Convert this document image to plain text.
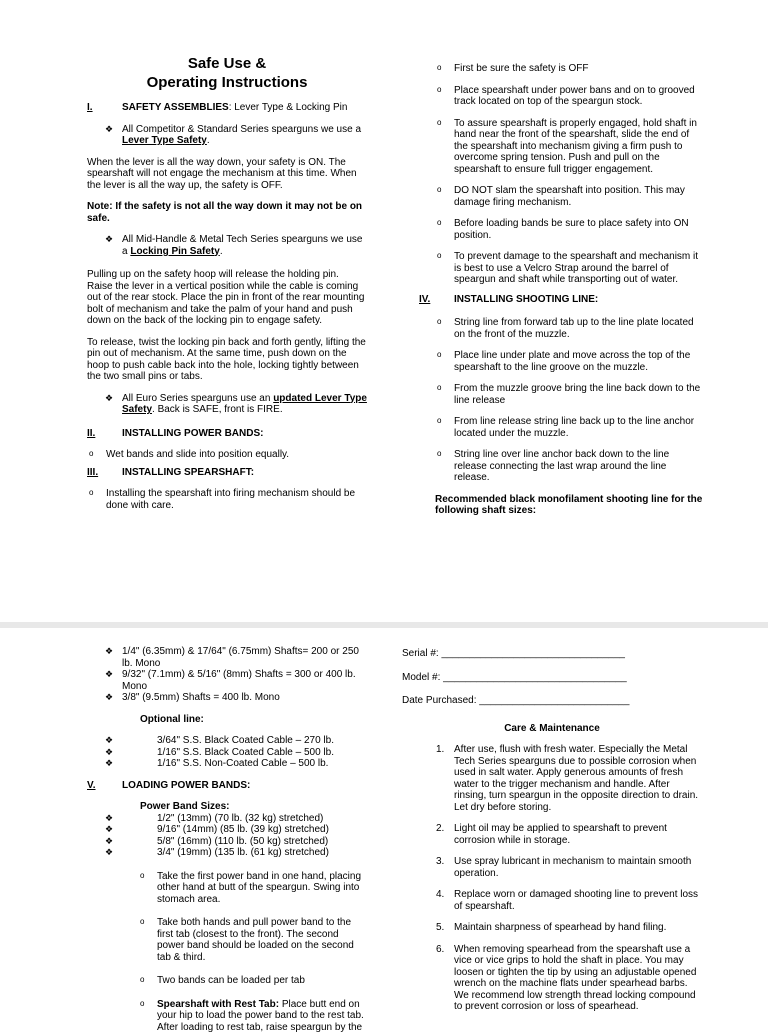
Safe Use &
Operating Instructions
I.	SAFETY ASSEMBLIES: Lever Type & Locking Pin
❖ All Competitor & Standard Series spearguns we use a Lever Type Safety.

When the lever is all the way down, your safety is ON. The spearshaft will not engage the mechanism at this time. When the lever is all the way up, the safety is OFF.

Note: If the safety is not all the way down it may not be on safe.

❖ All Mid-Handle & Metal Tech Series spearguns we use a Locking Pin Safety.

Pulling up on the safety hoop will release the holding pin. Raise the lever in a vertical position while the cable is coming out of the rear stock. Place the pin in front of the rear mounting bolt of mechanism and take the palm of your hand and push down on the back of the locking pin to engage safety.

To release, twist the locking pin back and forth gently, lifting the pin out of mechanism. At the same time, push down on the hoop to push cable back into the hole, locking tightly between the two small pins or tabs.

❖ All Euro Series spearguns use an updated Lever Type Safety. Back is SAFE, front is FIRE.
II.	INSTALLING POWER BANDS:
o Wet bands and slide into position equally.
III. INSTALLING SPEARSHAFT:
o Installing the spearshaft into firing mechanism should be done with care.
o First be sure the safety is OFF
o Place spearshaft under power bans and on to grooved track located on top of the speargun stock.
o To assure spearshaft is properly engaged, hold shaft in hand near the front of the spearshaft, slide the end of the spearshaft into mechanism giving a firm push to overcome spring tension. Push and pull on the spearshaft to ensure full trigger engagement.
o DO NOT slam the spearshaft into position. This may damage firing mechanism.
o Before loading bands be sure to place safety into ON position.
o To prevent damage to the spearshaft and mechanism it is best to use a Velcro Strap around the barrel of speargun and shaft while transporting out of water.
IV. INSTALLING SHOOTING LINE:
o String line from forward tab up to the line plate located on the front of the muzzle.
o Place line under plate and move across the top of the spearshaft to the line groove on the muzzle.
o From the muzzle groove bring the line back down to the line release
o From line release string line back up to the line anchor located under the muzzle.
o String line over line anchor back down to the line release connecting the last wrap around the line release.

Recommended black monofilament shooting line for the following shaft sizes:

❖ 1/4" (6.35mm) & 17/64" (6.75mm) Shafts= 200 or 250 lb. Mono
❖ 9/32" (7.1mm) & 5/16" (8mm) Shafts = 300 or 400 lb. Mono
❖ 3/8" (9.5mm) Shafts = 400 lb. Mono

Optional line:

❖ 3/64" S.S. Black Coated Cable – 270 lb.
❖ 1/16" S.S. Black Coated Cable – 500 lb.
❖ 1/16" S.S. Non-Coated Cable – 500 lb.
V.	LOADING POWER BANDS:

Power Band Sizes:

❖ 1/2" (13mm) (70 lb. (32 kg) stretched)
❖ 9/16" (14mm) (85 lb. (39 kg) stretched)
❖ 5/8" (16mm) (110 lb. (50 kg) stretched)
❖ 3/4" (19mm) (135 lb. (61 kg) stretched)
o Take the first power band in one hand, placing other hand at butt of the speargun. Swing into stomach area.
o Take both hands and pull power band to the first tab (closest to the front). The second power band should be loaded on the second tab & third.
o Two bands can be loaded per tab
o Spearshaft with Rest Tab: Place butt end on your hip to load the power band to the rest tab. After loading to rest tab, raise speargun by the

Serial #: _________________________________

Model #: _________________________________

Date Purchased: ___________________________

Care & Maintenance

1. After use, flush with fresh water. Especially the Metal Tech Series spearguns due to possible corrosion when used in salt water. Apply generous amounts of fresh water to the trigger mechanism and handle. After rinsing, turn speargun in the opposite direction to drain. Let dry before storing.
2. Light oil may be applied to spearshaft to prevent corrosion while in storage.
3. Use spray lubricant in mechanism to maintain smooth operation.
4. Replace worn or damaged shooting line to prevent loss of spearshaft.
5. Maintain sharpness of spearhead by hand filing.
6. When removing spearhead from the spearshaft use a vice or vice grips to hold the shaft in place. You may loosen or tighten the tip by using an adjustable opened wrench on the machine flats under spearhead barbs. We recommend low strength thread locking compound to prevent corrosion or loss of spearhead.
